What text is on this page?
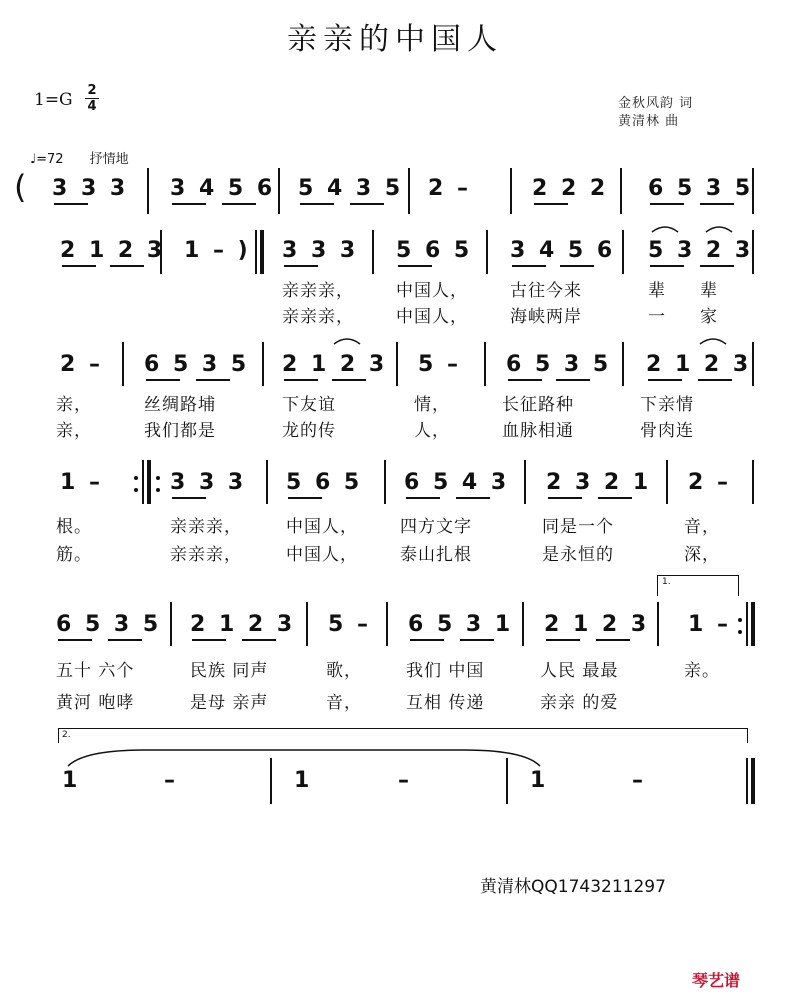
亲亲的中国人
1=G 2
4	金秋风韵 词
黄清林 曲
♩=72 抒情地
( 3 3 3 3 4 5 6 5 4 3 5 2 –	2 2 2 6 5 3 5
2 1 2 3 1 – ) 3 3 3 5 6 5 3 4 5 6 5 3 2 3
亲亲亲， 中国人， 古往今来	辈 辈
亲亲亲， 中国人， 海峡两岸	一 家
2 – 6 5 3 5 2 1 2 3 5 – 6 5 3 5 2 1 2 3
亲，	丝绸路埔	下友谊	情，	长征路种	下亲情
亲，	我们都是	龙的传	人，	血脉相通	骨肉连
1 –	3 3 3 5 6 5 6 5 4 3 2 3 2 1 2 –
根。	亲亲亲，	中国人， 四方文字	同是一个	音，
筋。	亲亲亲，	中国人， 泰山扎根	是永恒的	深，
1.
6 5 3 5 2 1 2 3 5 – 6 5 3 1 2 1 2 3 1 –
五十 六个	民族 同声	歌，	我们 中国	人民 最最	亲。
黄河 咆哮	是母 亲声	音，	互相 传递	亲亲 的爱
2.
1	–	1	–	1	–
黄清林QQ1743211297
琴艺谱
